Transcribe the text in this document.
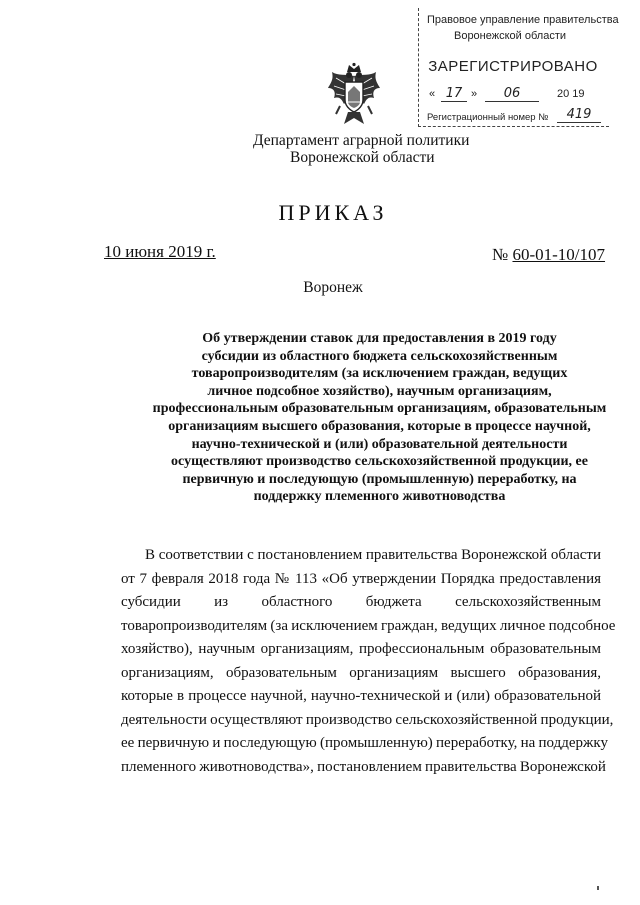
Правовое управление правительства
Воронежской области
ЗАРЕГИСТРИРОВАНО
« 17 »	06	20 19
Регистрационный номер №	419
Департамент аграрной политики
Воронежской области
ПРИКАЗ
10 июня 2019 г.	№ 60-01-10/107
Воронеж
Об утверждении ставок для предоставления в 2019 году
субсидии из областного бюджета сельскохозяйственным
товаропроизводителям (за исключением граждан, ведущих
личное подсобное хозяйство), научным организациям,
профессиональным образовательным организациям, образовательным
организациям высшего образования, которые в процессе научной,
научно-технической и (или) образовательной деятельности
осуществляют производство сельскохозяйственной продукции, ее
первичную и последующую (промышленную) переработку, на
поддержку племенного животноводства
В соответствии с постановлением правительства Воронежской области
от 7 февраля 2018 года № 113 «Об утверждении Порядка предоставления
субсидии из областного бюджета сельскохозяйственным
товаропроизводителям (за исключением граждан, ведущих личное подсобное
хозяйство), научным организациям, профессиональным образовательным
организациям, образовательным организациям высшего образования,
которые в процессе научной, научно-технической и (или) образовательной
деятельности осуществляют производство сельскохозяйственной продукции,
ее первичную и последующую (промышленную) переработку, на поддержку
племенного животноводства», постановлением правительства Воронежской
